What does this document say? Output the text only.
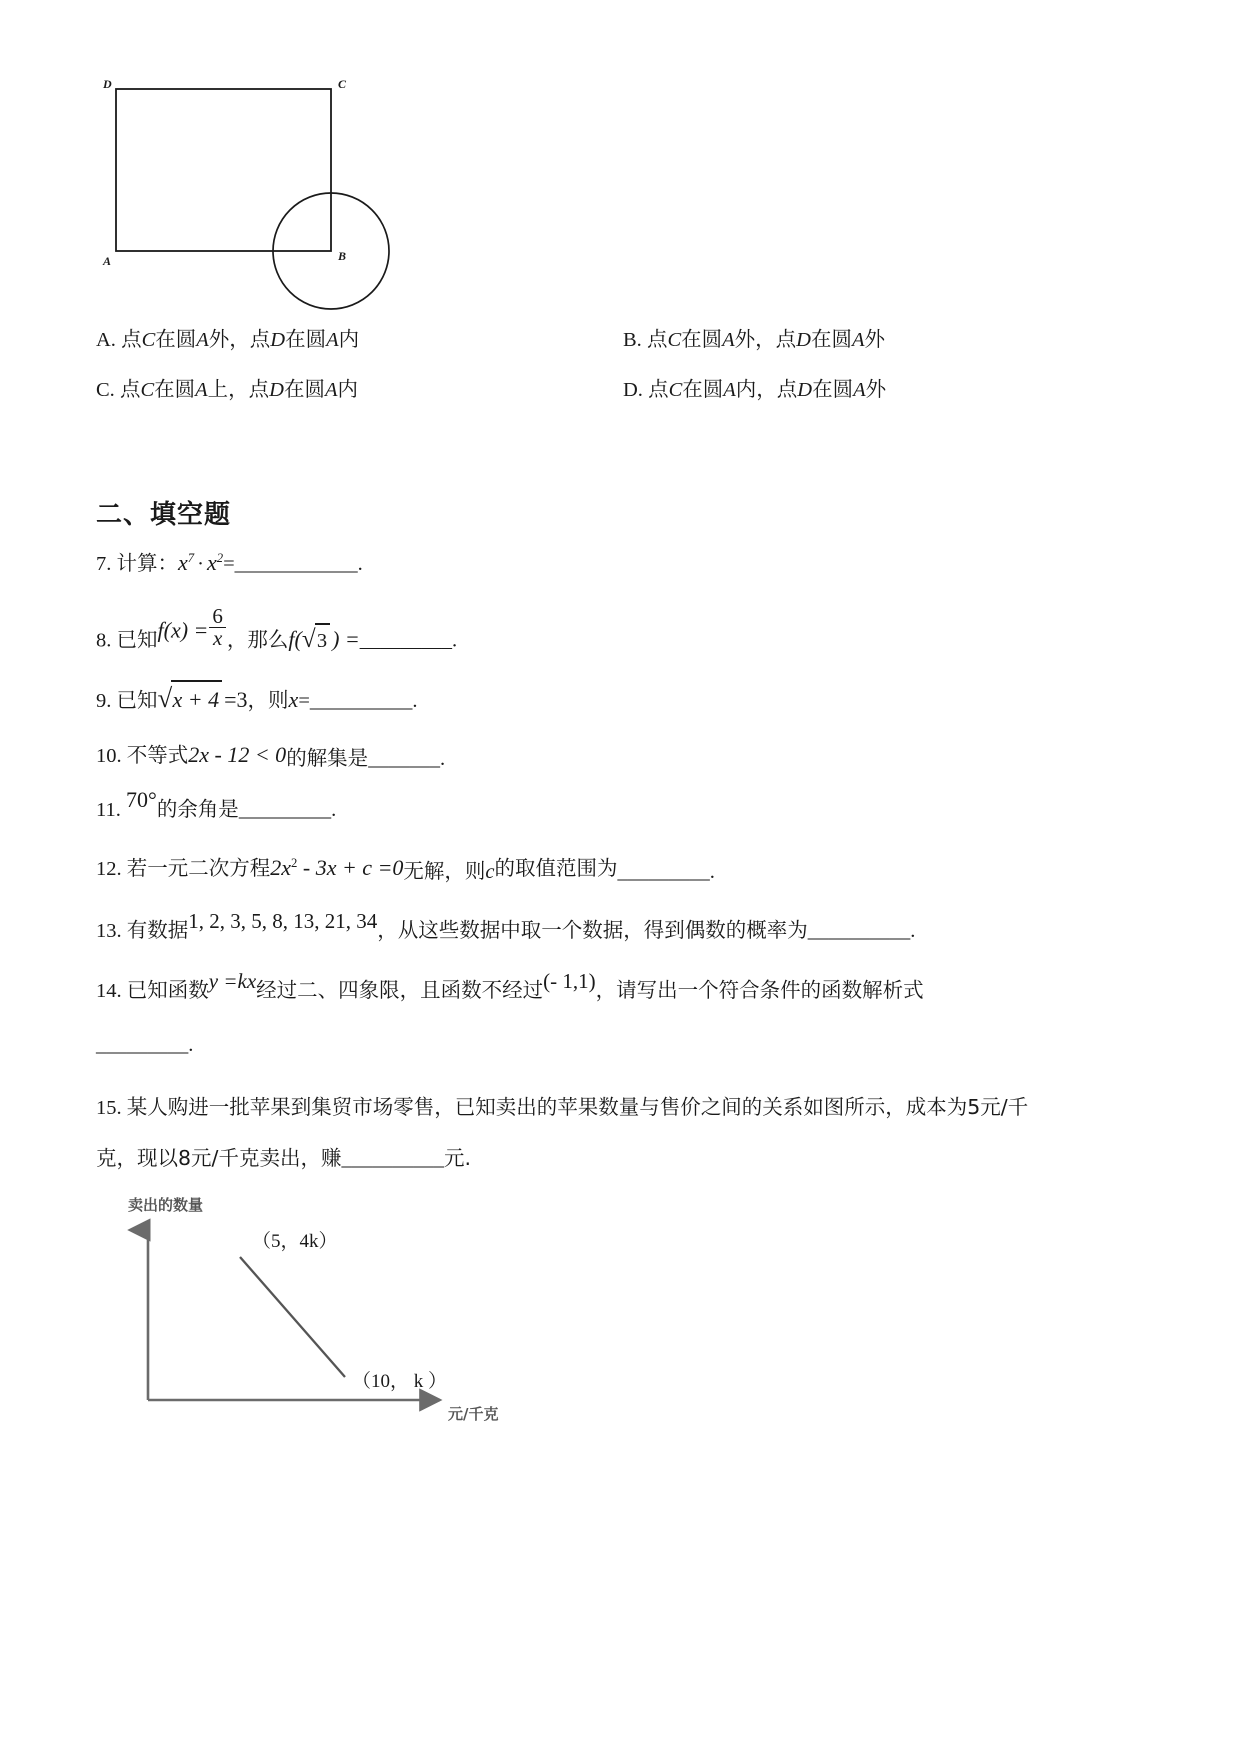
A	B
C
D
A. 点C在圆A外，点D在圆A内	B. 点C在圆A外，点D在圆A外
C. 点C在圆A上，点D在圆A内	D. 点C在圆A内，点D在圆A外
二、填空题
7. 计算：$x^7$ · $x^2=\_\_\_\_\_\_\_\_\_\_\_\_$.
8. 已知$f(x) = \frac{6}{x}$ ，那么f( √ 3 ) =_________.
9. 已知 √ x + 4 =3，则x=__________.
10. 不等式2x - 12 < 0的解集是_______.
11. 70°的余角是_________.
12. 若一元二次方程$2x^2 - 3x + c =0$无解，则c的取值范围为_________.
13. 有数据1, 2, 3, 5, 8, 13, 21, 34，从这些数据中取一个数据，得到偶数的概率为__________.
14. 已知函数y =kx经过二、四象限，且函数不经过(- 1,1)，请写出一个符合条件的函数解析式
_________.
15. 某人购进一批苹果到集贸市场零售，已知卖出的苹果数量与售价之间的关系如图所示，成本为5元/千
克，现以8元/千克卖出，赚__________元.
卖出的数量
元/千克
（5，4k）
（10， k ）
